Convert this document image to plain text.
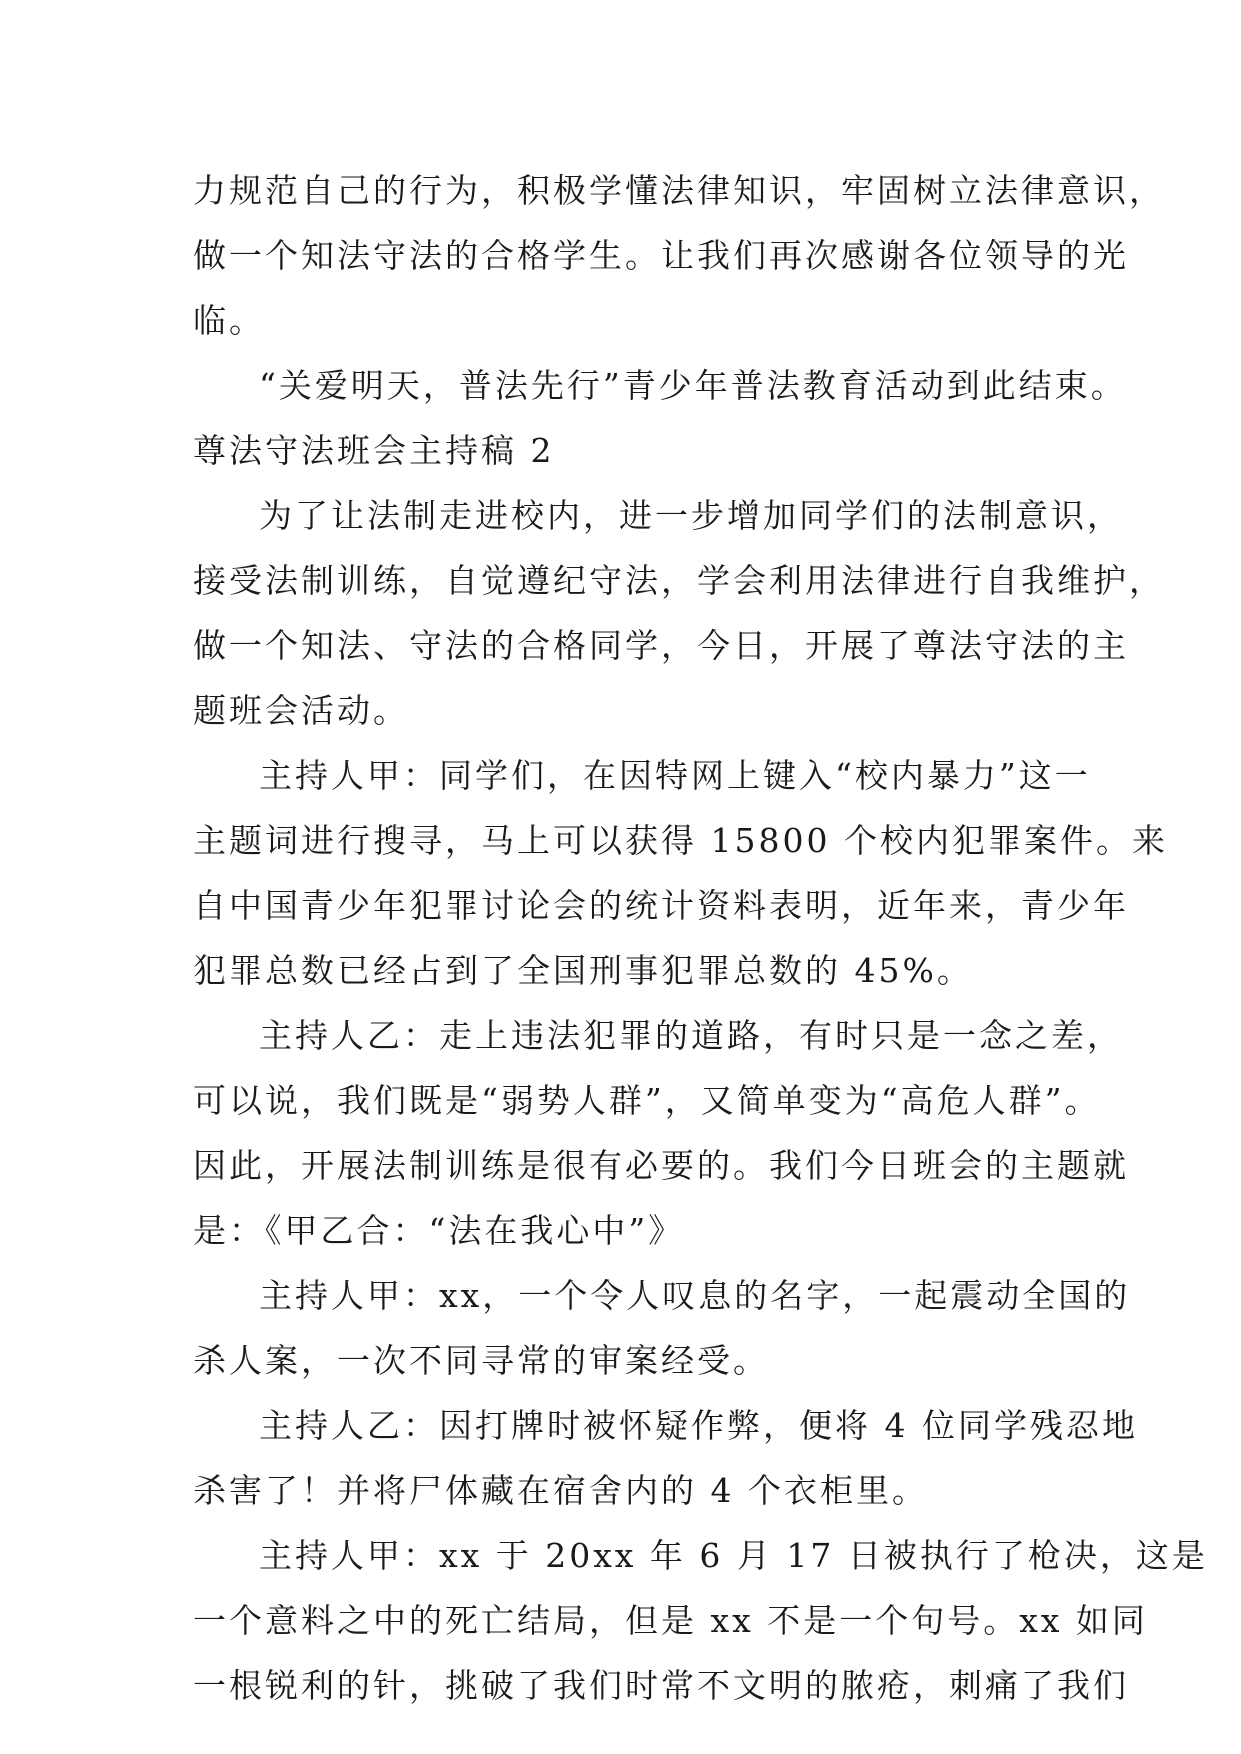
力规范自己的行为，积极学懂法律知识，牢固树立法律意识，
做一个知法守法的合格学生。让我们再次感谢各位领导的光
临。
“关爱明天，普法先行”青少年普法教育活动到此结束。
尊法守法班会主持稿 2
为了让法制走进校内，进一步增加同学们的法制意识，
接受法制训练，自觉遵纪守法，学会利用法律进行自我维护，
做一个知法、守法的合格同学，今日，开展了尊法守法的主
题班会活动。
主持人甲：同学们，在因特网上键入“校内暴力”这一
主题词进行搜寻，马上可以获得 15800 个校内犯罪案件。来
自中国青少年犯罪讨论会的统计资料表明，近年来，青少年
犯罪总数已经占到了全国刑事犯罪总数的 45%。
主持人乙：走上违法犯罪的道路，有时只是一念之差，
可以说，我们既是“弱势人群”，又简单变为“高危人群”。
因此，开展法制训练是很有必要的。我们今日班会的主题就
是：《甲乙合：“法在我心中”》
主持人甲：xx，一个令人叹息的名字，一起震动全国的
杀人案，一次不同寻常的审案经受。
主持人乙：因打牌时被怀疑作弊，便将 4 位同学残忍地
杀害了！并将尸体藏在宿舍内的 4 个衣柜里。
主持人甲：xx 于 20xx 年 6 月 17 日被执行了枪决，这是
一个意料之中的死亡结局，但是 xx 不是一个句号。xx 如同
一根锐利的针，挑破了我们时常不文明的脓疮，刺痛了我们
